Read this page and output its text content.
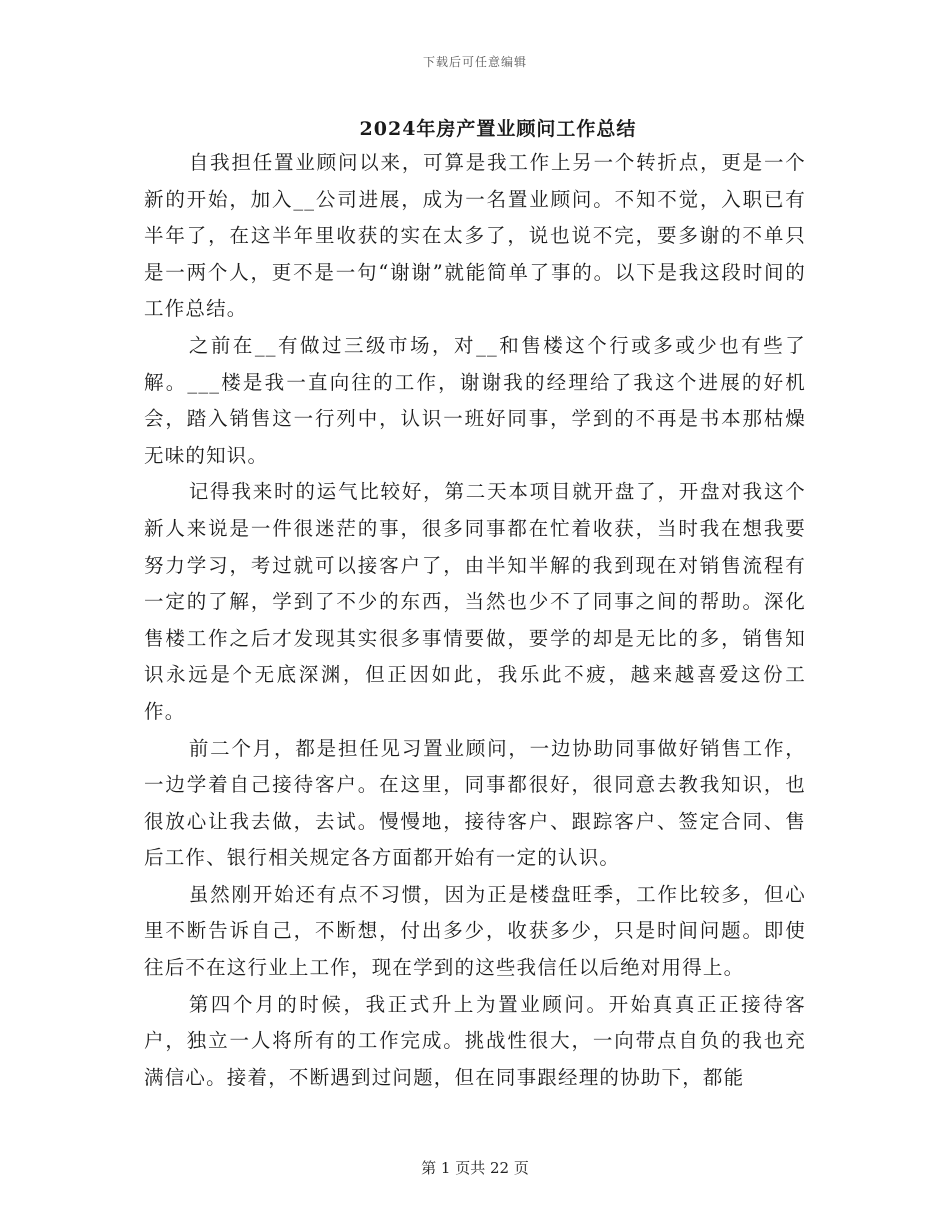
下载后可任意编辑
2024年房产置业顾问工作总结

自我担任置业顾问以来，可算是我工作上另一个转折点，更是一个新的开始，加入__公司进展，成为一名置业顾问。不知不觉，入职已有半年了，在这半年里收获的实在太多了，说也说不完，要多谢的不单只是一两个人，更不是一句“谢谢”就能简单了事的。以下是我这段时间的工作总结。

之前在__有做过三级市场，对__和售楼这个行或多或少也有些了解。___楼是我一直向往的工作，谢谢我的经理给了我这个进展的好机会，踏入销售这一行列中，认识一班好同事，学到的不再是书本那枯燥无味的知识。

记得我来时的运气比较好，第二天本项目就开盘了，开盘对我这个新人来说是一件很迷茫的事，很多同事都在忙着收获，当时我在想我要努力学习，考过就可以接客户了，由半知半解的我到现在对销售流程有一定的了解，学到了不少的东西，当然也少不了同事之间的帮助。深化售楼工作之后才发现其实很多事情要做，要学的却是无比的多，销售知识永远是个无底深渊，但正因如此，我乐此不疲，越来越喜爱这份工作。

前二个月，都是担任见习置业顾问，一边协助同事做好销售工作，一边学着自己接待客户。在这里，同事都很好，很同意去教我知识，也很放心让我去做，去试。慢慢地，接待客户、跟踪客户、签定合同、售后工作、银行相关规定各方面都开始有一定的认识。

虽然刚开始还有点不习惯，因为正是楼盘旺季，工作比较多，但心里不断告诉自己，不断想，付出多少，收获多少，只是时间问题。即使往后不在这行业上工作，现在学到的这些我信任以后绝对用得上。

第四个月的时候，我正式升上为置业顾问。开始真真正正接待客户，独立一人将所有的工作完成。挑战性很大，一向带点自负的我也充满信心。接着，不断遇到过问题，但在同事跟经理的协助下，都能

第 1 页共 22 页
